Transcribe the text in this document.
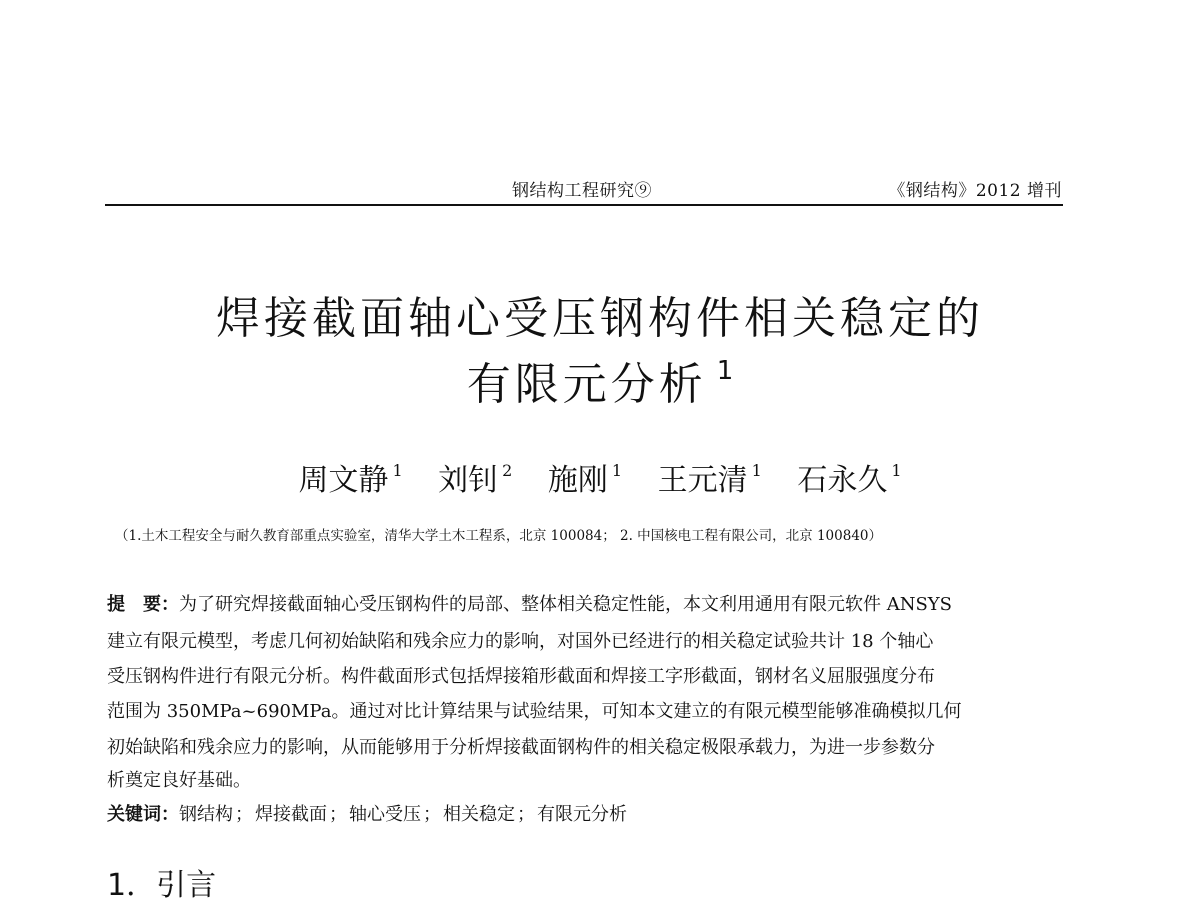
钢结构工程研究⑨	《钢结构》2012 增刊
焊接截面轴心受压钢构件相关稳定的
有限元分析 $^1$
周文静 $^1$ 刘钊 $^2$ 施刚 $^1$ 王元清 $^1$ 石永久 $^1$
（1.土木工程安全与耐久教育部重点实验室，清华大学土木工程系，北京 100084； 2. 中国核电工程有限公司，北京 100840）
提　要：为了研究焊接截面轴心受压钢构件的局部、整体相关稳定性能，本文利用通用有限元软件 ANSYS
建立有限元模型，考虑几何初始缺陷和残余应力的影响，对国外已经进行的相关稳定试验共计 18 个轴心
受压钢构件进行有限元分析。构件截面形式包括焊接箱形截面和焊接工字形截面，钢材名义屈服强度分布
范围为 350MPa~690MPa。通过对比计算结果与试验结果，可知本文建立的有限元模型能够准确模拟几何
初始缺陷和残余应力的影响，从而能够用于分析焊接截面钢构件的相关稳定极限承载力，为进一步参数分
析奠定良好基础。
关键词：钢结构 ； 焊接截面 ； 轴心受压 ； 相关稳定 ； 有限元分析
1．引言
